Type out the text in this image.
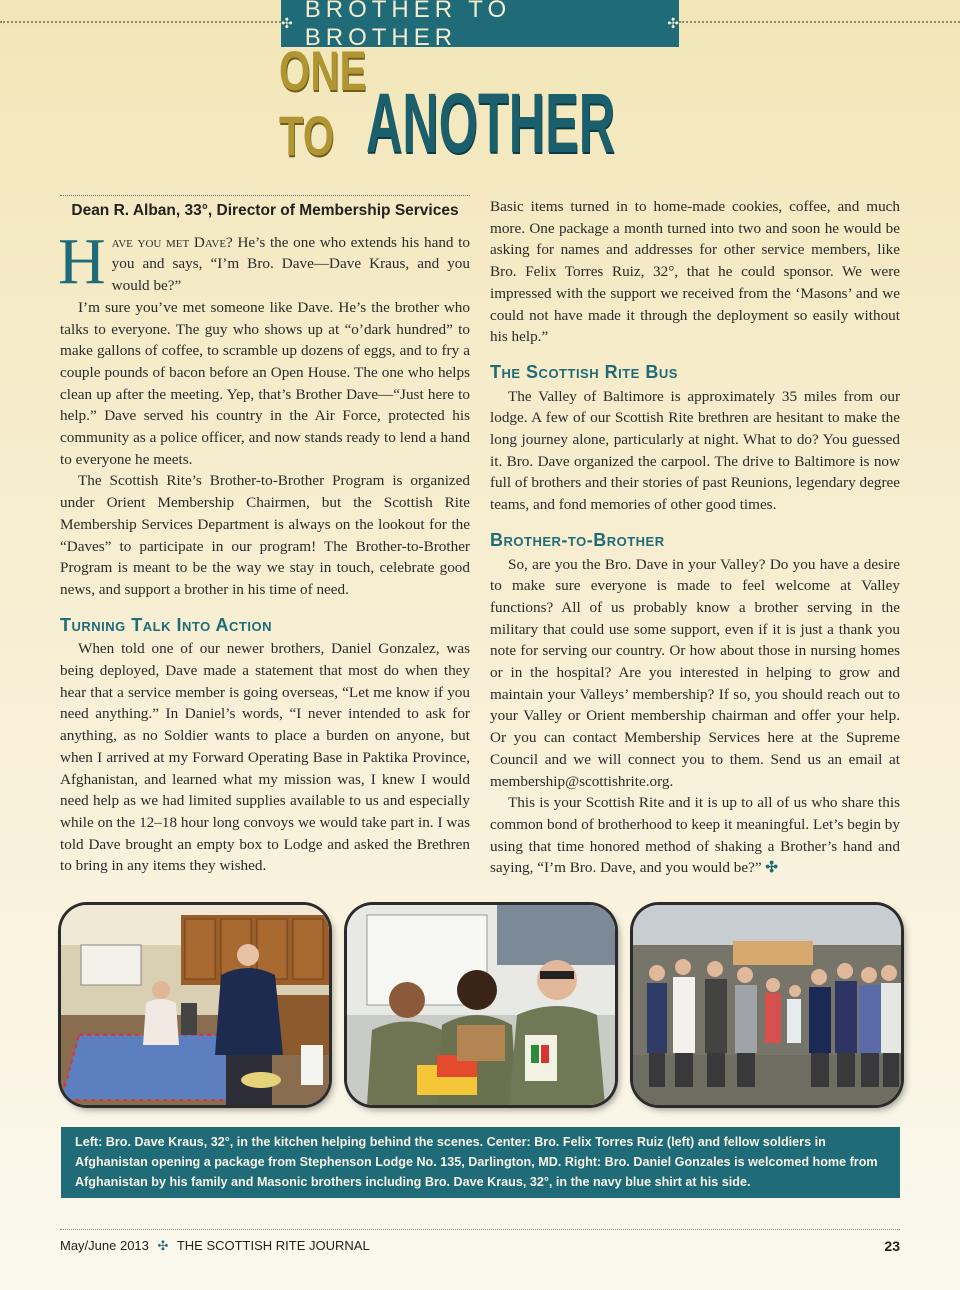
✣
BROTHER TO BROTHER
✣
ONE TO ANOTHER
Dean R. Alban, 33°, Director of Membership Services

Have you met Dave? He’s the one who extends his hand to you and says, “I’m Bro. Dave—Dave Kraus, and you would be?”

I’m sure you’ve met someone like Dave. He’s the brother who talks to everyone. The guy who shows up at “o’dark hundred” to make gallons of coffee, to scramble up dozens of eggs, and to fry a couple pounds of bacon before an Open House. The one who helps clean up after the meeting. Yep, that’s Brother Dave—“Just here to help.” Dave served his country in the Air Force, protected his community as a police officer, and now stands ready to lend a hand to everyone he meets.

The Scottish Rite’s Brother-to-Brother Program is organized under Orient Membership Chairmen, but the Scottish Rite Membership Services Department is always on the lookout for the “Daves” to participate in our program! The Brother-to-Brother Program is meant to be the way we stay in touch, celebrate good news, and support a brother in his time of need.

Turning Talk Into Action

When told one of our newer brothers, Daniel Gonzalez, was being deployed, Dave made a statement that most do when they hear that a service member is going overseas, “Let me know if you need anything.” In Daniel’s words, “I never intended to ask for anything, as no Soldier wants to place a burden on anyone, but when I arrived at my Forward Operating Base in Paktika Province, Afghanistan, and learned what my mission was, I knew I would need help as we had limited supplies available to us and especially while on the 12–18 hour long convoys we would take part in. I was told Dave brought an empty box to Lodge and asked the Brethren to bring in any items they wished.

Basic items turned in to home-made cookies, coffee, and much more. One package a month turned into two and soon he would be asking for names and addresses for other service members, like Bro. Felix Torres Ruiz, 32°, that he could sponsor. We were impressed with the support we received from the ‘Masons’ and we could not have made it through the deployment so easily without his help.”

The Scottish Rite Bus

The Valley of Baltimore is approximately 35 miles from our lodge. A few of our Scottish Rite brethren are hesitant to make the long journey alone, particularly at night. What to do? You guessed it. Bro. Dave organized the carpool. The drive to Baltimore is now full of brothers and their stories of past Reunions, legendary degree teams, and fond memories of other good times.

Brother-to-Brother

So, are you the Bro. Dave in your Valley? Do you have a desire to make sure everyone is made to feel welcome at Valley functions? All of us probably know a brother serving in the military that could use some support, even if it is just a thank you note for serving our country. Or how about those in nursing homes or in the hospital? Are you interested in helping to grow and maintain your Valleys’ membership? If so, you should reach out to your Valley or Orient membership chairman and offer your help. Or you can contact Membership Services here at the Supreme Council and we will connect you to them. Send us an email at membership@scottishrite.org.

This is your Scottish Rite and it is up to all of us who share this common bond of brotherhood to keep it meaningful. Let’s begin by using that time honored method of shaking a Brother’s hand and saying, “I’m Bro. Dave, and you would be?” ✣

Left: Bro. Dave Kraus, 32°, in the kitchen helping behind the scenes. Center: Bro. Felix Torres Ruiz (left) and fellow soldiers in Afghanistan opening a package from Stephenson Lodge No. 135, Darlington, MD. Right: Bro. Daniel Gonzales is welcomed home from Afghanistan by his family and Masonic brothers including Bro. Dave Kraus, 32°, in the navy blue shirt at his side.
May/June 2013 ✣ THE SCOTTISH RITE JOURNAL	23
